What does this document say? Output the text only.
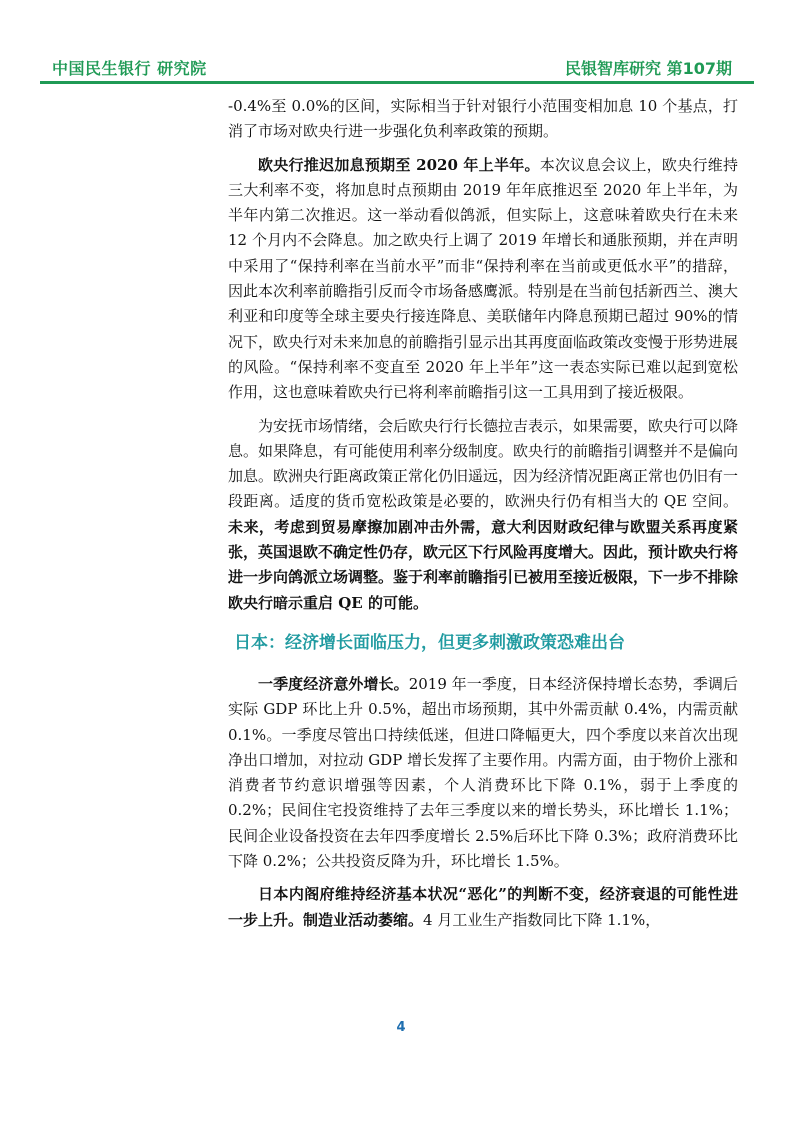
中国民生银行 研究院	民银智库研究 第107期

-0.4%至 0.0%的区间，实际相当于针对银行小范围变相加息 10 个基点，打消了市场对欧央行进一步强化负利率政策的预期。

欧央行推迟加息预期至 2020 年上半年。本次议息会议上，欧央行维持三大利率不变，将加息时点预期由 2019 年年底推迟至 2020 年上半年，为半年内第二次推迟。这一举动看似鸽派，但实际上，这意味着欧央行在未来 12 个月内不会降息。加之欧央行上调了 2019 年增长和通胀预期，并在声明中采用了“保持利率在当前水平”而非“保持利率在当前或更低水平”的措辞，因此本次利率前瞻指引反而令市场备感鹰派。特别是在当前包括新西兰、澳大利亚和印度等全球主要央行接连降息、美联储年内降息预期已超过 90%的情况下，欧央行对未来加息的前瞻指引显示出其再度面临政策改变慢于形势进展的风险。“保持利率不变直至 2020 年上半年”这一表态实际已难以起到宽松作用，这也意味着欧央行已将利率前瞻指引这一工具用到了接近极限。

为安抚市场情绪，会后欧央行行长德拉吉表示，如果需要，欧央行可以降息。如果降息，有可能使用利率分级制度。欧央行的前瞻指引调整并不是偏向加息。欧洲央行距离政策正常化仍旧遥远，因为经济情况距离正常也仍旧有一段距离。适度的货币宽松政策是必要的，欧洲央行仍有相当大的 QE 空间。未来，考虑到贸易摩擦加剧冲击外需，意大利因财政纪律与欧盟关系再度紧张，英国退欧不确定性仍存，欧元区下行风险再度增大。因此，预计欧央行将进一步向鸽派立场调整。鉴于利率前瞻指引已被用至接近极限，下一步不排除欧央行暗示重启 QE 的可能。

日本：经济增长面临压力，但更多刺激政策恐难出台

一季度经济意外增长。2019 年一季度，日本经济保持增长态势，季调后实际 GDP 环比上升 0.5%，超出市场预期，其中外需贡献 0.4%，内需贡献 0.1%。一季度尽管出口持续低迷，但进口降幅更大，四个季度以来首次出现净出口增加，对拉动 GDP 增长发挥了主要作用。内需方面，由于物价上涨和消费者节约意识增强等因素，个人消费环比下降 0.1%，弱于上季度的 0.2%；民间住宅投资维持了去年三季度以来的增长势头，环比增长 1.1%；民间企业设备投资在去年四季度增长 2.5%后环比下降 0.3%；政府消费环比下降 0.2%；公共投资反降为升，环比增长 1.5%。

日本内阁府维持经济基本状况“恶化”的判断不变，经济衰退的可能性进一步上升。制造业活动萎缩。4 月工业生产指数同比下降 1.1%，

4
